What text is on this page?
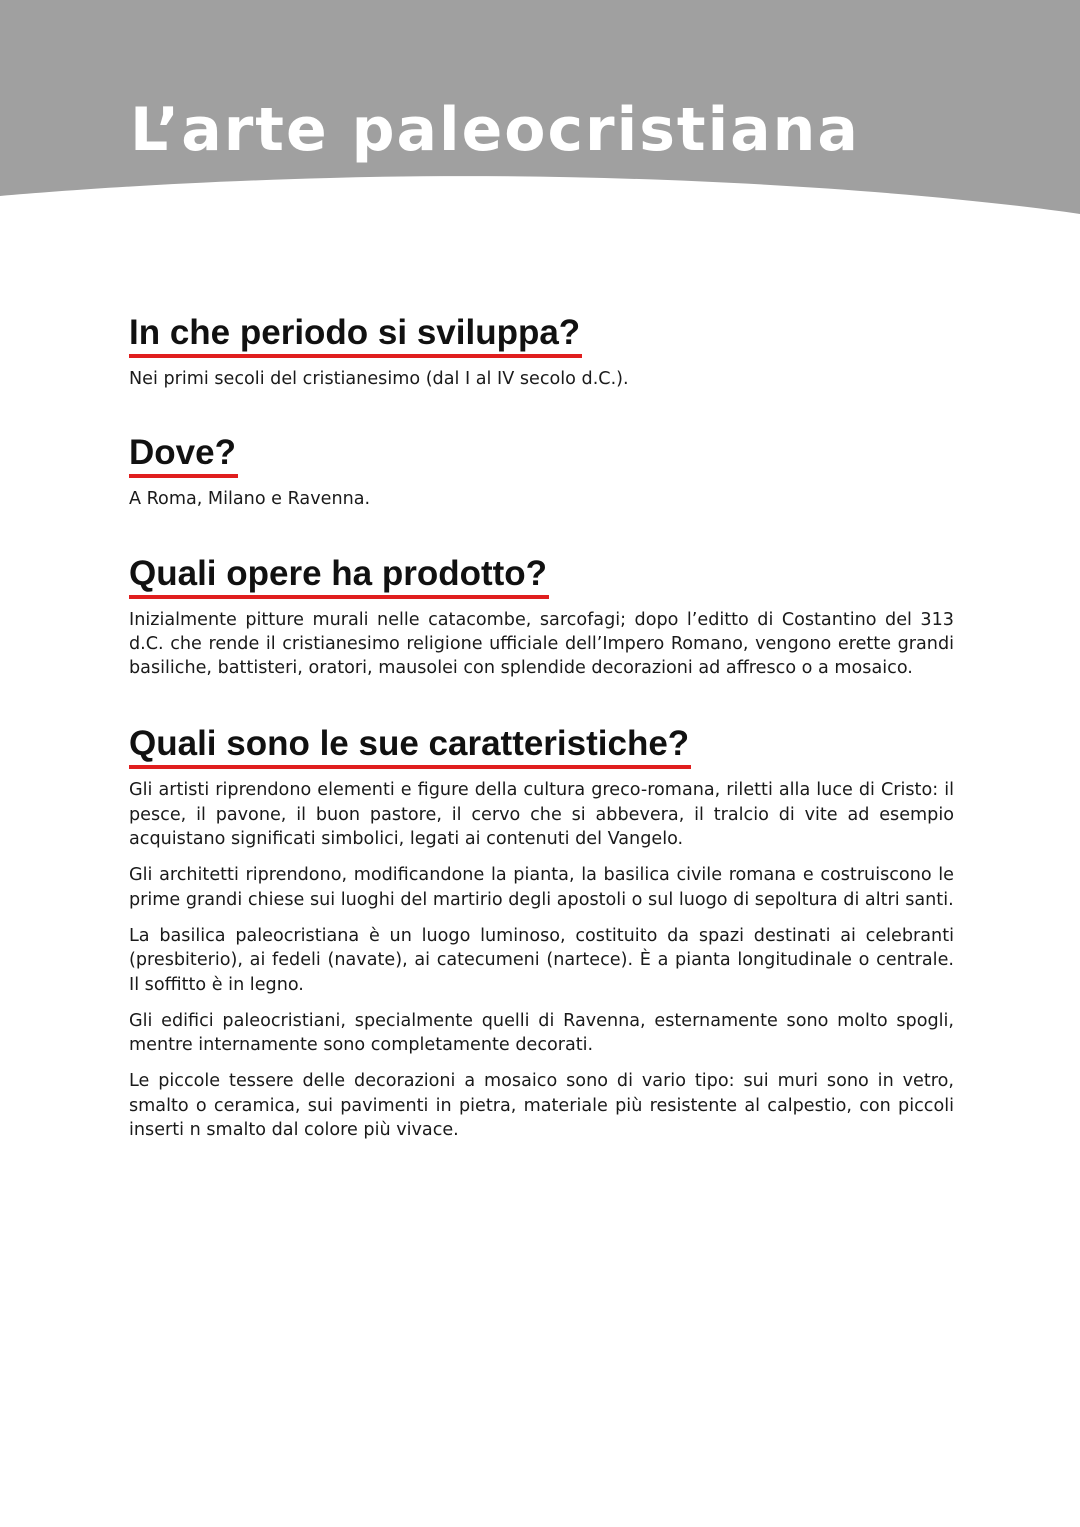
L’arte paleocristiana
In che periodo si sviluppa?

Nei primi secoli del cristianesimo (dal I al IV secolo d.C.).

Dove?

A Roma, Milano e Ravenna.

Quali opere ha prodotto?

Inizialmente pitture murali nelle catacombe, sarcofagi; dopo l’editto di Costantino del 313 d.C. che rende il cristianesimo religione ufficiale dell’Impero Romano, vengono erette grandi basiliche, battisteri, oratori, mausolei con splendide decorazioni ad affresco o a mosaico.

Quali sono le sue caratteristiche?

Gli artisti riprendono elementi e figure della cultura greco-romana, riletti alla luce di Cristo: il pesce, il pavone, il buon pastore, il cervo che si abbevera, il tralcio di vite ad esempio acquistano significati simbolici, legati ai contenuti del Vangelo.

Gli architetti riprendono, modificandone la pianta, la basilica civile romana e costruiscono le prime grandi chiese sui luoghi del martirio degli apostoli o sul luogo di sepoltura di altri santi.

La basilica paleocristiana è un luogo luminoso, costituito da spazi destinati ai celebranti (presbiterio), ai fedeli (navate), ai catecumeni (nartece). È a pianta longitudinale o centrale. Il soffitto è in legno.

Gli edifici paleocristiani, specialmente quelli di Ravenna, esternamente sono molto spogli, mentre internamente sono completamente decorati.

Le piccole tessere delle decorazioni a mosaico sono di vario tipo: sui muri sono in vetro, smalto o ceramica, sui pavimenti in pietra, materiale più resistente al calpestio, con piccoli inserti n smalto dal colore più vivace.
